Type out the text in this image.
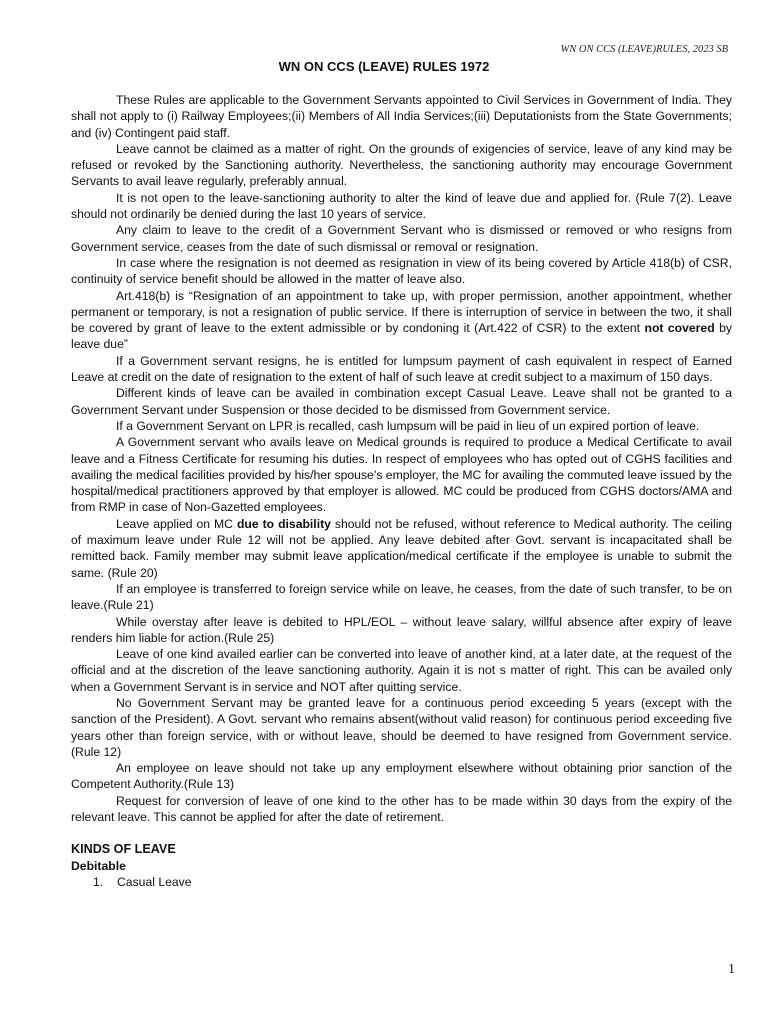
WN ON CCS (LEAVE)RULES, 2023 SB
WN ON CCS (LEAVE) RULES 1972

These Rules are applicable to the Government Servants appointed to Civil Services in Government of India. They shall not apply to (i) Railway Employees;(ii) Members of All India Services;(iii) Deputationists from the State Governments; and (iv) Contingent paid staff.

Leave cannot be claimed as a matter of right. On the grounds of exigencies of service, leave of any kind may be refused or revoked by the Sanctioning authority. Nevertheless, the sanctioning authority may encourage Government Servants to avail leave regularly, preferably annual.

It is not open to the leave-sanctioning authority to alter the kind of leave due and applied for. (Rule 7(2). Leave should not ordinarily be denied during the last 10 years of service.

Any claim to leave to the credit of a Government Servant who is dismissed or removed or who resigns from Government service, ceases from the date of such dismissal or removal or resignation.

In case where the resignation is not deemed as resignation in view of its being covered by Article 418(b) of CSR, continuity of service benefit should be allowed in the matter of leave also.

Art.418(b) is “Resignation of an appointment to take up, with proper permission, another appointment, whether permanent or temporary, is not a resignation of public service. If there is interruption of service in between the two, it shall be covered by grant of leave to the extent admissible or by condoning it (Art.422 of CSR) to the extent not covered by leave due”

If a Government servant resigns, he is entitled for lumpsum payment of cash equivalent in respect of Earned Leave at credit on the date of resignation to the extent of half of such leave at credit subject to a maximum of 150 days.

Different kinds of leave can be availed in combination except Casual Leave. Leave shall not be granted to a Government Servant under Suspension or those decided to be dismissed from Government service.

If a Government Servant on LPR is recalled, cash lumpsum will be paid in lieu of un expired portion of leave.

A Government servant who avails leave on Medical grounds is required to produce a Medical Certificate to avail leave and a Fitness Certificate for resuming his duties. In respect of employees who has opted out of CGHS facilities and availing the medical facilities provided by his/her spouse’s employer, the MC for availing the commuted leave issued by the hospital/medical practitioners approved by that employer is allowed. MC could be produced from CGHS doctors/AMA and from RMP in case of Non-Gazetted employees.

Leave applied on MC due to disability should not be refused, without reference to Medical authority. The ceiling of maximum leave under Rule 12 will not be applied. Any leave debited after Govt. servant is incapacitated shall be remitted back. Family member may submit leave application/medical certificate if the employee is unable to submit the same. (Rule 20)

If an employee is transferred to foreign service while on leave, he ceases, from the date of such transfer, to be on leave.(Rule 21)

While overstay after leave is debited to HPL/EOL – without leave salary, willful absence after expiry of leave renders him liable for action.(Rule 25)

Leave of one kind availed earlier can be converted into leave of another kind, at a later date, at the request of the official and at the discretion of the leave sanctioning authority. Again it is not s matter of right. This can be availed only when a Government Servant is in service and NOT after quitting service.

No Government Servant may be granted leave for a continuous period exceeding 5 years (except with the sanction of the President). A Govt. servant who remains absent(without valid reason) for continuous period exceeding five years other than foreign service, with or without leave, should be deemed to have resigned from Government service. (Rule 12)

An employee on leave should not take up any employment elsewhere without obtaining prior sanction of the Competent Authority.(Rule 13)

Request for conversion of leave of one kind to the other has to be made within 30 days from the expiry of the relevant leave. This cannot be applied for after the date of retirement.

KINDS OF LEAVE

Debitable

1.	Casual Leave
1
